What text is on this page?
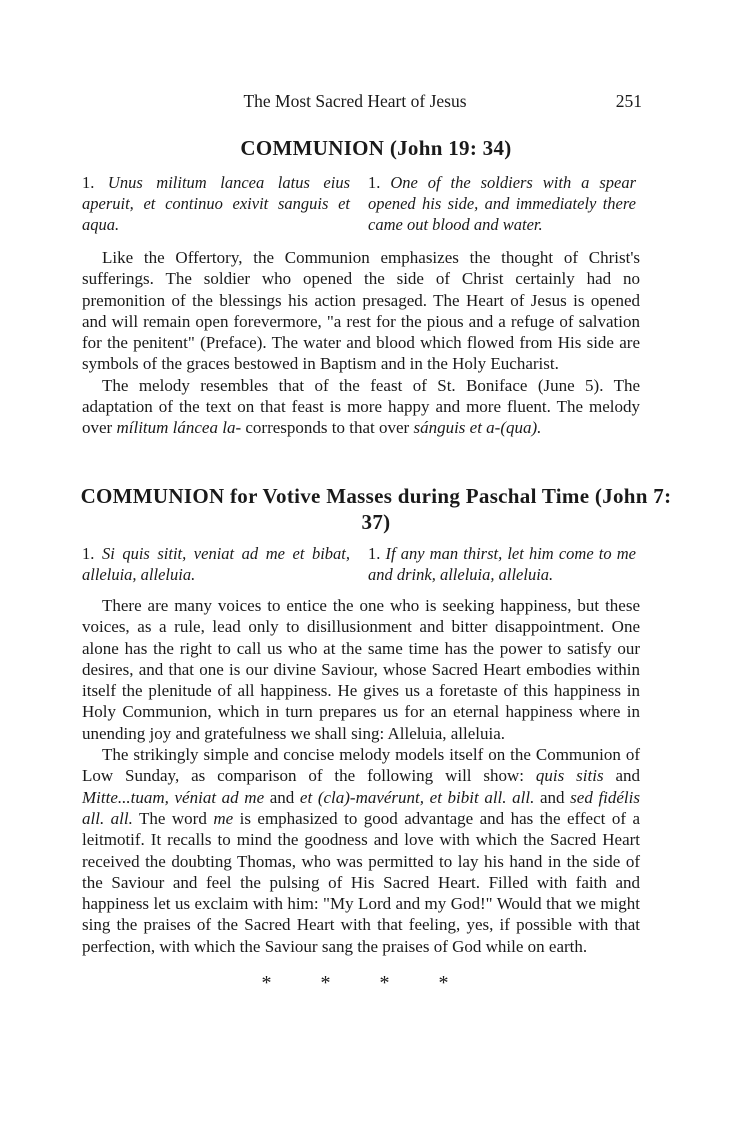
The Most Sacred Heart of Jesus	251
COMMUNION (John 19: 34)
1. Unus militum lancea latus eius aperuit, et continuo exivit sanguis et aqua.
1. One of the soldiers with a spear opened his side, and immediately there came out blood and water.

Like the Offertory, the Communion emphasizes the thought of Christ's sufferings. The soldier who opened the side of Christ certainly had no premonition of the blessings his action presaged. The Heart of Jesus is opened and will remain open forevermore, "a rest for the pious and a refuge of salvation for the penitent" (Preface). The water and blood which flowed from His side are symbols of the graces bestowed in Baptism and in the Holy Eucharist.

The melody resembles that of the feast of St. Boniface (June 5). The adaptation of the text on that feast is more happy and more fluent. The melody over mílitum láncea la- corresponds to that over sánguis et a-(qua).

COMMUNION for Votive Masses during Paschal Time (John 7: 37)
1. Si quis sitit, veniat ad me et bibat, alleluia, alleluia.
1. If any man thirst, let him come to me and drink, alleluia, alleluia.

There are many voices to entice the one who is seeking happiness, but these voices, as a rule, lead only to disillusionment and bitter disappointment. One alone has the right to call us who at the same time has the power to satisfy our desires, and that one is our divine Saviour, whose Sacred Heart embodies within itself the plenitude of all happiness. He gives us a foretaste of this happiness in Holy Communion, which in turn prepares us for an eternal happiness where in unending joy and gratefulness we shall sing: Alleluia, alleluia.

The strikingly simple and concise melody models itself on the Communion of Low Sunday, as comparison of the following will show: quis sitis and Mitte...tuam, véniat ad me and et (cla)-mavérunt, et bibit all. all. and sed fidélis all. all. The word me is emphasized to good advantage and has the effect of a leitmotif. It recalls to mind the goodness and love with which the Sacred Heart received the doubting Thomas, who was permitted to lay his hand in the side of the Saviour and feel the pulsing of His Sacred Heart. Filled with faith and happiness let us exclaim with him: "My Lord and my God!" Would that we might sing the praises of the Sacred Heart with that feeling, yes, if possible with that perfection, with which the Saviour sang the praises of God while on earth.

* * * *
